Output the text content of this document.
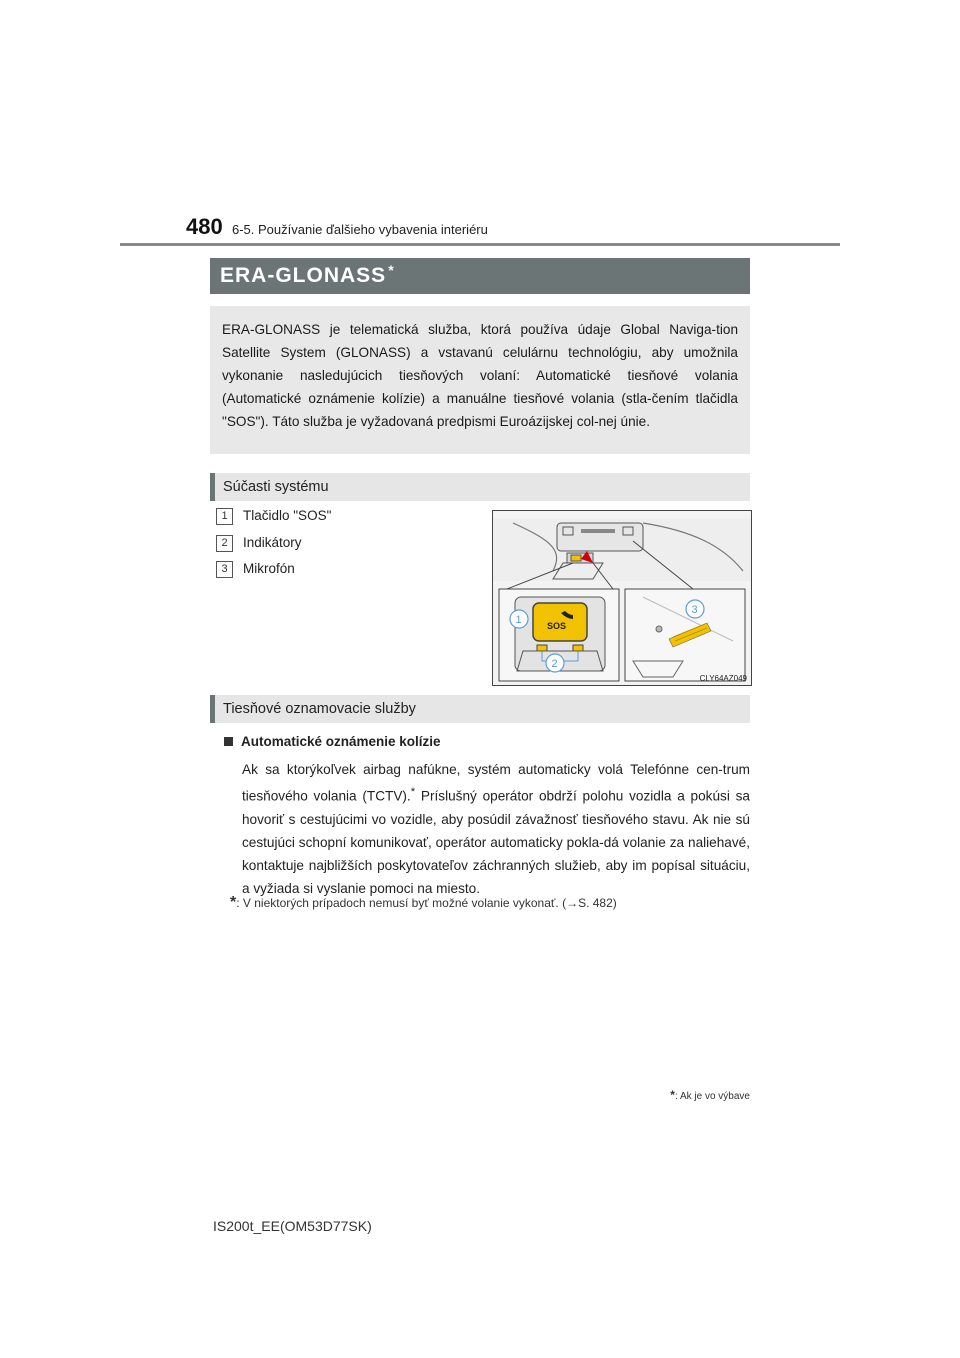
480 6-5. Používanie ďalšieho vybavenia interiéru
ERA-GLONASS *
ERA-GLONASS je telematická služba, ktorá používa údaje Global Naviga-tion Satellite System (GLONASS) a vstavanú celulárnu technológiu, aby umožnila vykonanie nasledujúcich tiesňových volaní: Automatické tiesňové volania (Automatické oznámenie kolízie) a manuálne tiesňové volania (stla-čením tlačidla "SOS"). Táto služba je vyžadovaná predpismi Euroázijskej col-nej únie.
Súčasti systému
1 Tlačidlo "SOS"
2 Indikátory
3 Mikrofón
SOS
1
2
3
CLY64AZ049
Tiesňové oznamovacie služby
Automatické oznámenie kolízie
Ak sa ktorýkoľvek airbag nafúkne, systém automaticky volá Telefónne cen-trum tiesňového volania (TCTV).* Príslušný operátor obdrží polohu vozidla a pokúsi sa hovoriť s cestujúcimi vo vozidle, aby posúdil závažnosť tiesňového stavu. Ak nie sú cestujúci schopní komunikovať, operátor automaticky pokla-dá volanie za naliehavé, kontaktuje najbližších poskytovateľov záchranných služieb, aby im popísal situáciu, a vyžiada si vyslanie pomoci na miesto.
*: V niektorých prípadoch nemusí byť možné volanie vykonať. (→S. 482)
*: Ak je vo výbave
IS200t_EE(OM53D77SK)
